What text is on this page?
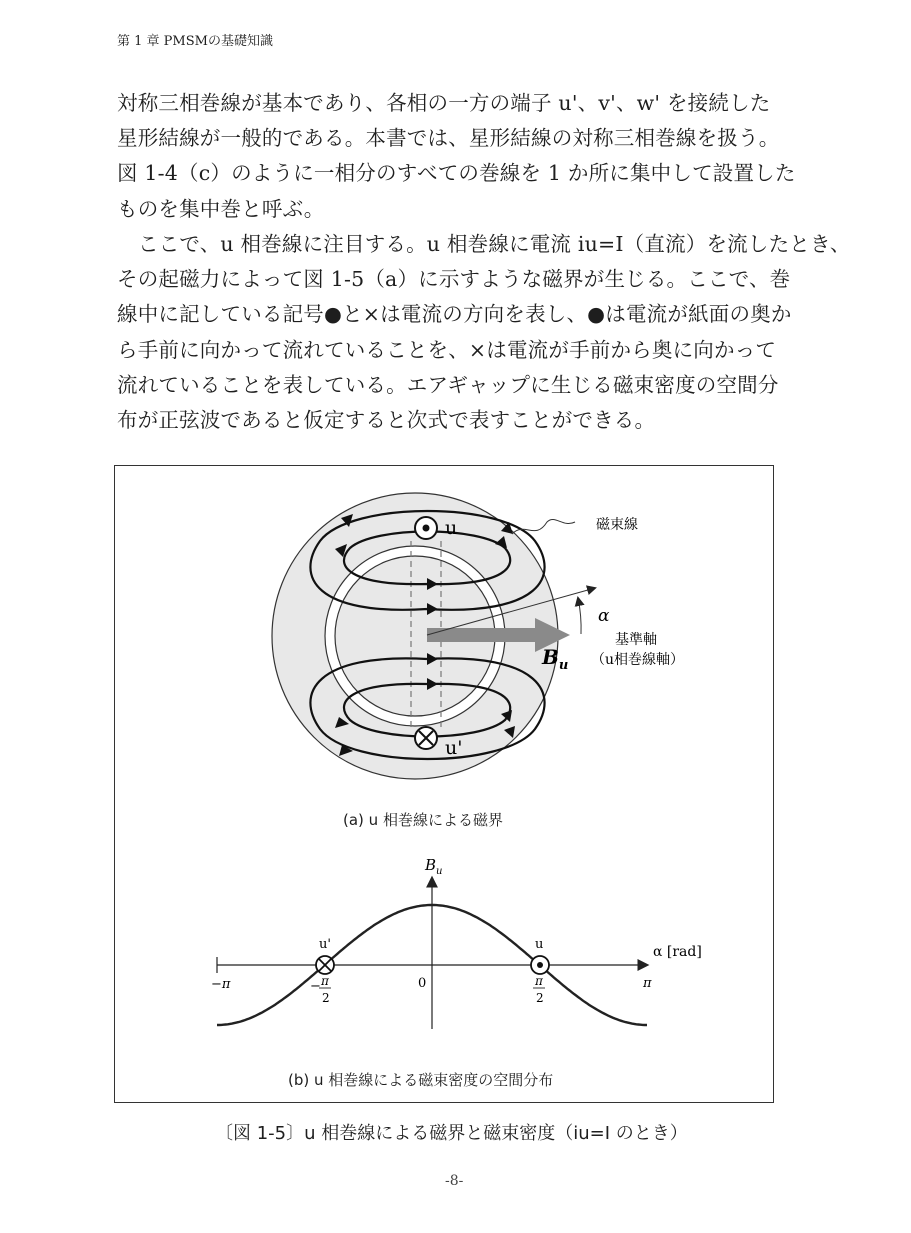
第 1 章 PMSMの基礎知識
対称三相巻線が基本であり、各相の一方の端子 u'、v'、w' を接続した
星形結線が一般的である。本書では、星形結線の対称三相巻線を扱う。
図 1-4（c）のように一相分のすべての巻線を 1 か所に集中して設置した
ものを集中巻と呼ぶ。
ここで、u 相巻線に注目する。u 相巻線に電流 iu=I（直流）を流したとき、
その起磁力によって図 1-5（a）に示すような磁界が生じる。ここで、巻
線中に記している記号●と×は電流の方向を表し、●は電流が紙面の奥か
ら手前に向かって流れていることを、×は電流が手前から奥に向かって
流れていることを表している。エアギャップに生じる磁束密度の空間分
布が正弦波であると仮定すると次式で表すことができる。
u
u'
磁束線
α
基準軸
（u相巻線軸）
$B_u$
$B_u$
α [rad]
u'	u
−π	− π
2
0	π
2
π
(a) u 相巻線による磁界
(b) u 相巻線による磁束密度の空間分布
〔図 1-5〕u 相巻線による磁界と磁束密度（iu=I のとき）
-8-
